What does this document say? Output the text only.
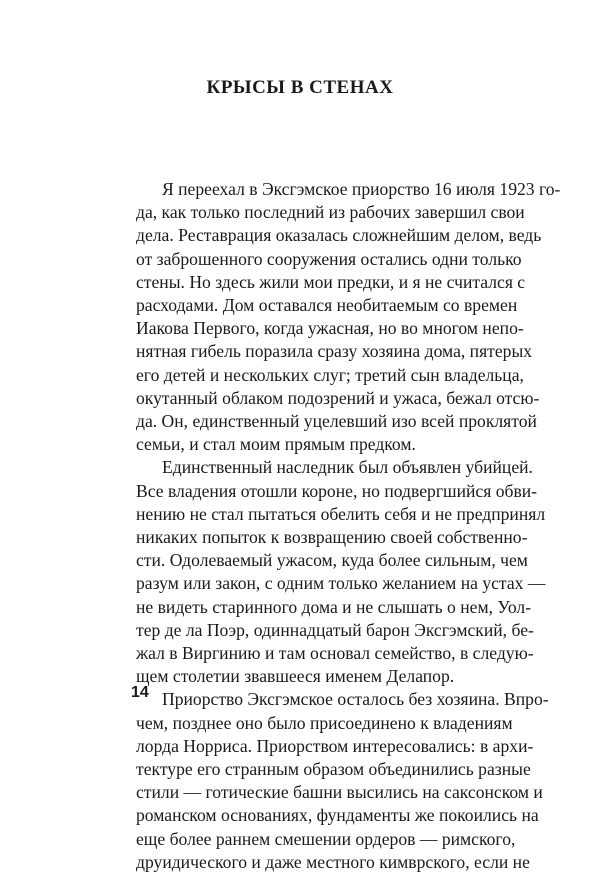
КРЫСЫ В СТЕНАХ
Я переехал в Эксгэмское приорство 16 июля 1923 го-
да, как только последний из рабочих завершил свои
дела. Реставрация оказалась сложнейшим делом, ведь
от заброшенного сооружения остались одни только
стены. Но здесь жили мои предки, и я не считался с
расходами. Дом оставался необитаемым со времен
Иакова Первого, когда ужасная, но во многом непо-
нятная гибель поразила сразу хозяина дома, пятерых
его детей и нескольких слуг; третий сын владельца,
окутанный облаком подозрений и ужаса, бежал отсю-
да. Он, единственный уцелевший изо всей проклятой
семьи, и стал моим прямым предком.
Единственный наследник был объявлен убийцей.
Все владения отошли короне, но подвергшийся обви-
нению не стал пытаться обелить себя и не предпринял
никаких попыток к возвращению своей собственно-
сти. Одолеваемый ужасом, куда более сильным, чем
разум или закон, с одним только желанием на устах —
не видеть старинного дома и не слышать о нем, Уол-
тер де ла Поэр, одиннадцатый барон Эксгэмский, бе-
жал в Виргинию и там основал семейство, в следую-
щем столетии звавшееся именем Делапор.
Приорство Эксгэмское осталось без хозяина. Впро-
чем, позднее оно было присоединено к владениям
лорда Норриса. Приорством интересовались: в архи-
тектуре его странным образом объединились разные
стили — готические башни высились на саксонском и
романском основаниях, фундаменты же покоились на
еще более раннем смешении ордеров — римского,
друидического и даже местного кимврского, если не
14
